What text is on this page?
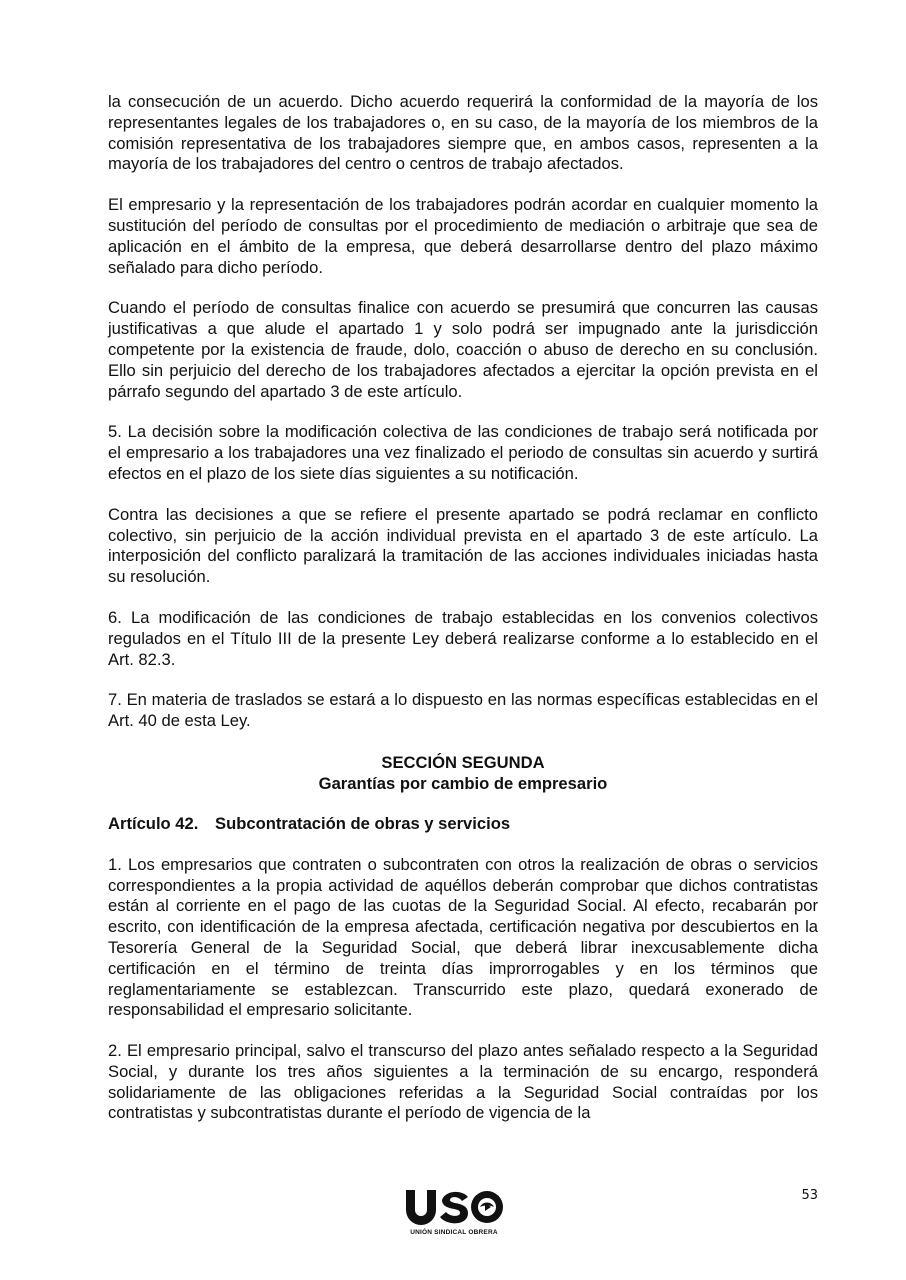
la consecución de un acuerdo. Dicho acuerdo requerirá la conformidad de la mayoría de los representantes legales de los trabajadores o, en su caso, de la mayoría de los miembros de la comisión representativa de los trabajadores siempre que, en ambos casos, representen a la mayoría de los trabajadores del centro o centros de trabajo afectados.

El empresario y la representación de los trabajadores podrán acordar en cualquier momento la sustitución del período de consultas por el procedimiento de mediación o arbitraje que sea de aplicación en el ámbito de la empresa, que deberá desarrollarse dentro del plazo máximo señalado para dicho período.

Cuando el período de consultas finalice con acuerdo se presumirá que concurren las causas justificativas a que alude el apartado 1 y solo podrá ser impugnado ante la jurisdicción competente por la existencia de fraude, dolo, coacción o abuso de derecho en su conclusión. Ello sin perjuicio del derecho de los trabajadores afectados a ejercitar la opción prevista en el párrafo segundo del apartado 3 de este artículo.

5. La decisión sobre la modificación colectiva de las condiciones de trabajo será notificada por el empresario a los trabajadores una vez finalizado el periodo de consultas sin acuerdo y surtirá efectos en el plazo de los siete días siguientes a su notificación.

Contra las decisiones a que se refiere el presente apartado se podrá reclamar en conflicto colectivo, sin perjuicio de la acción individual prevista en el apartado 3 de este artículo. La interposición del conflicto paralizará la tramitación de las acciones individuales iniciadas hasta su resolución.

6. La modificación de las condiciones de trabajo establecidas en los convenios colectivos regulados en el Título III de la presente Ley deberá realizarse conforme a lo establecido en el Art. 82.3.

7. En materia de traslados se estará a lo dispuesto en las normas específicas establecidas en el Art. 40 de esta Ley.

SECCIÓN SEGUNDA
Garantías por cambio de empresario
Artículo 42. Subcontratación de obras y servicios

1. Los empresarios que contraten o subcontraten con otros la realización de obras o servicios correspondientes a la propia actividad de aquéllos deberán comprobar que dichos contratistas están al corriente en el pago de las cuotas de la Seguridad Social. Al efecto, recabarán por escrito, con identificación de la empresa afectada, certificación negativa por descubiertos en la Tesorería General de la Seguridad Social, que deberá librar inexcusablemente dicha certificación en el término de treinta días improrrogables y en los términos que reglamentariamente se establezcan. Transcurrido este plazo, quedará exonerado de responsabilidad el empresario solicitante.

2. El empresario principal, salvo el transcurso del plazo antes señalado respecto a la Seguridad Social, y durante los tres años siguientes a la terminación de su encargo, responderá solidariamente de las obligaciones referidas a la Seguridad Social contraídas por los contratistas y subcontratistas durante el período de vigencia de la

UNIÓN SINDICAL OBRERA
53
